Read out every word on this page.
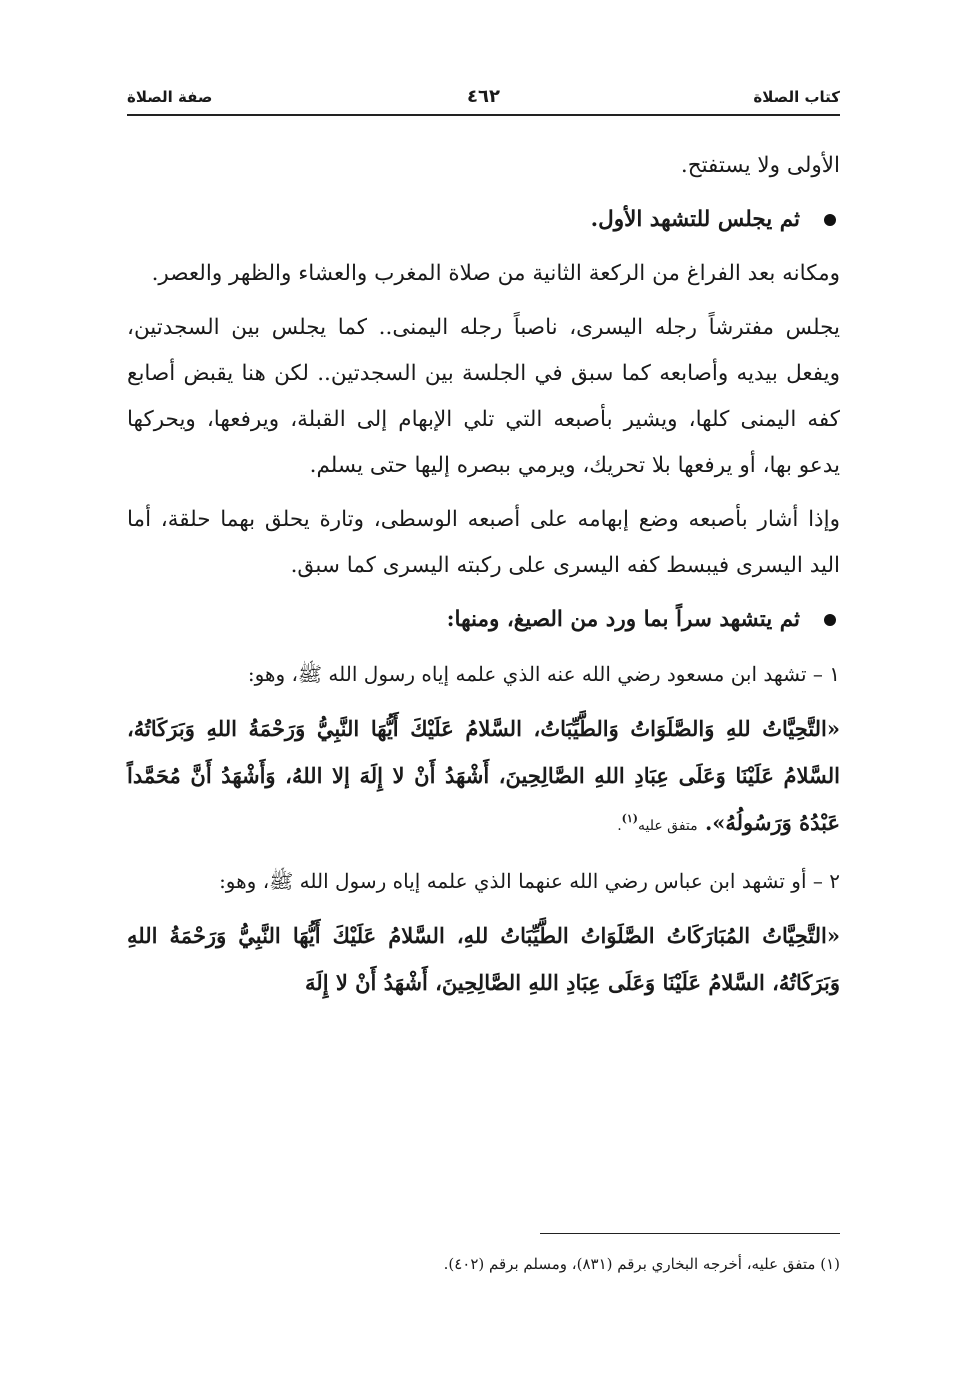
كتاب الصلاة
٤٦٢
صفة الصلاة

الأولى ولا يستفتح.

ثم يجلس للتشهد الأول.

ومكانه بعد الفراغ من الركعة الثانية من صلاة المغرب والعشاء والظهر والعصر.

يجلس مفترشاً رجله اليسرى، ناصباً رجله اليمنى.. كما يجلس بين السجدتين، ويفعل بيديه وأصابعه كما سبق في الجلسة بين السجدتين.. لكن هنا يقبض أصابع كفه اليمنى كلها، ويشير بأصبعه التي تلي الإبهام إلى القبلة، ويرفعها، ويحركها يدعو بها، أو يرفعها بلا تحريك، ويرمي ببصره إليها حتى يسلم.

وإذا أشار بأصبعه وضع إبهامه على أصبعه الوسطى، وتارة يحلق بهما حلقة، أما اليد اليسرى فيبسط كفه اليسرى على ركبته اليسرى كما سبق.

ثم يتشهد سراً بما ورد من الصيغ، ومنها:

١ – تشهد ابن مسعود رضي الله عنه الذي علمه إياه رسول الله ﷺ، وهو:

«التَّحِيَّاتُ للهِ وَالصَّلَوَاتُ وَالطَّيِّبَاتُ، السَّلامُ عَلَيْكَ أَيُّهَا النَّبِيُّ وَرَحْمَةُ اللهِ وَبَرَكَاتُهُ، السَّلامُ عَلَيْنَا وَعَلَى عِبَادِ اللهِ الصَّالِحِينَ، أَشْهَدُ أَنْ لا إِلَهَ إلا اللهُ، وَأَشْهَدُ أَنَّ مُحَمَّداً عَبْدُهُ وَرَسُولُهُ». متفق عليه$^{(١)}$.

٢ – أو تشهد ابن عباس رضي الله عنهما الذي علمه إياه رسول الله ﷺ، وهو:

«التَّحِيَّاتُ المُبَارَكَاتُ الصَّلَوَاتُ الطَّيِّبَاتُ للهِ، السَّلامُ عَلَيْكَ أَيُّهَا النَّبِيُّ وَرَحْمَةُ اللهِ وَبَرَكَاتُهُ، السَّلامُ عَلَيْنَا وَعَلَى عِبَادِ اللهِ الصَّالِحِينَ، أَشْهَدُ أَنْ لا إِلَهَ

(١) متفق عليه، أخرجه البخاري برقم (٨٣١)، ومسلم برقم (٤٠٢).
